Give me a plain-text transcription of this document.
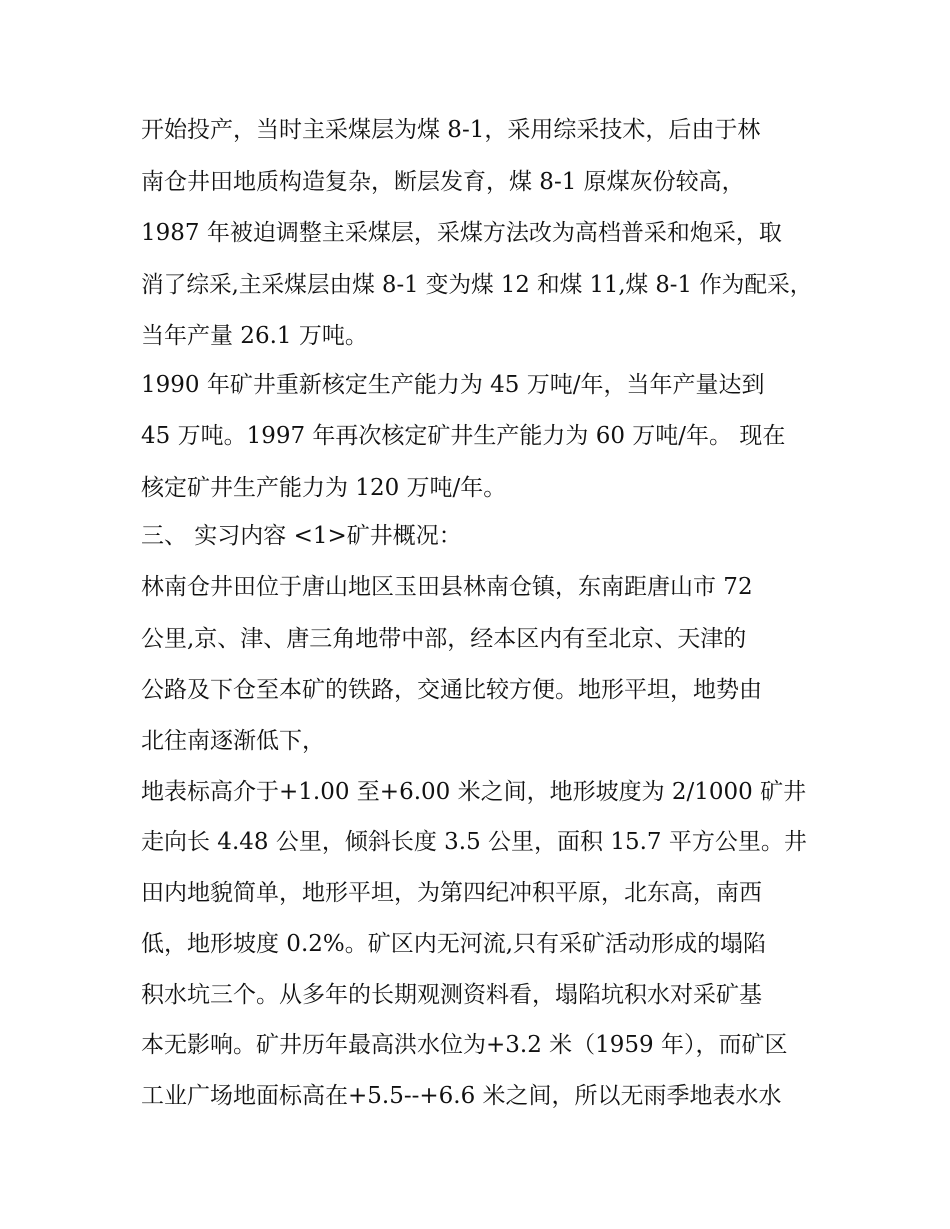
开始投产，当时主采煤层为煤 8-1，采用综采技术，后由于林
南仓井田地质构造复杂，断层发育，煤 8-1 原煤灰份较高，
1987 年被迫调整主采煤层，采煤方法改为高档普采和炮采，取
消了综采,主采煤层由煤 8-1 变为煤 12 和煤 11,煤 8-1 作为配采，
当年产量 26.1 万吨。
1990 年矿井重新核定生产能力为 45 万吨/年，当年产量达到
45 万吨。1997 年再次核定矿井生产能力为 60 万吨/年。 现在
核定矿井生产能力为 120 万吨/年。
三、 实习内容 <1>矿井概况：
林南仓井田位于唐山地区玉田县林南仓镇，东南距唐山市 72
公里,京、津、唐三角地带中部，经本区内有至北京、天津的
公路及下仓至本矿的铁路，交通比较方便。地形平坦，地势由
北往南逐渐低下，
地表标高介于+1.00 至+6.00 米之间，地形坡度为 2/1000 矿井
走向长 4.48 公里，倾斜长度 3.5 公里，面积 15.7 平方公里。井
田内地貌简单，地形平坦，为第四纪冲积平原，北东高，南西
低，地形坡度 0.2%。矿区内无河流,只有采矿活动形成的塌陷
积水坑三个。从多年的长期观测资料看，塌陷坑积水对采矿基
本无影响。矿井历年最高洪水位为+3.2 米（1959 年），而矿区
工业广场地面标高在+5.5--+6.6 米之间，所以无雨季地表水水
